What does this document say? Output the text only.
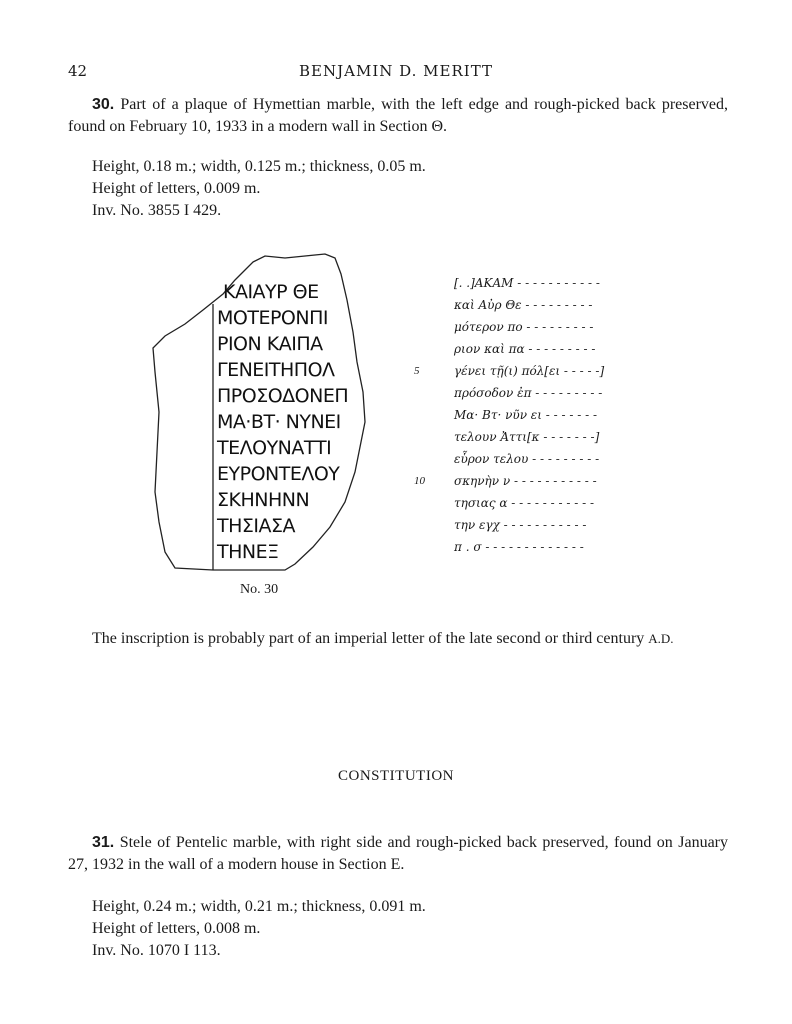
42	BENJAMIN D. MERITT
30. Part of a plaque of Hymettian marble, with the left edge and rough-picked back preserved, found on February 10, 1933 in a modern wall in Section Θ.
Height, 0.18 m.; width, 0.125 m.; thickness, 0.05 m.
Height of letters, 0.009 m.
Inv. No. 3855 I 429.
ΚΑΙΑΥΡ ΘΕ
ΜΟΤΕΡΟΝΠΙ
ΡΙΟΝ ΚΑΙΠΑ
ΓΕΝΕΙΤΗΠΟΛ
ΠΡΟΣΟΔΟΝΕΠ
ΜΑ·ΒΤ· ΝΥΝΕΙ
ΤΕΛΟΥΝΑΤΤΙ
ΕΥΡΟΝΤΕΛΟΥ
ΣΚΗΝΗΝΝ
ΤΗΣΙΑΣΑ
ΤΗΝΕΞ
No. 30
[. .]ΑΚΑΜ - - - - - - - - - - -
καὶ Αὐρ Θε - - - - - - - - -
μότερον πο - - - - - - - - -
ριον καὶ πα - - - - - - - - -
5	γένει τῇ(ι) πόλ[ει - - - - -]
πρόσοδον ἐπ - - - - - - - - -
Μα· Βτ· νῦν ει - - - - - - -
τελουν Ἀττι[κ - - - - - - -]
εὗρον τελου - - - - - - - - -
10 σκηνὴν ν - - - - - - - - - - -
τησιας α - - - - - - - - - - -
την εγχ - - - - - - - - - - -
π . σ - - - - - - - - - - - - -
The inscription is probably part of an imperial letter of the late second or third century A.D.
CONSTITUTION
31. Stele of Pentelic marble, with right side and rough-picked back preserved, found on January 27, 1932 in the wall of a modern house in Section Ε.
Height, 0.24 m.; width, 0.21 m.; thickness, 0.091 m.
Height of letters, 0.008 m.
Inv. No. 1070 I 113.
